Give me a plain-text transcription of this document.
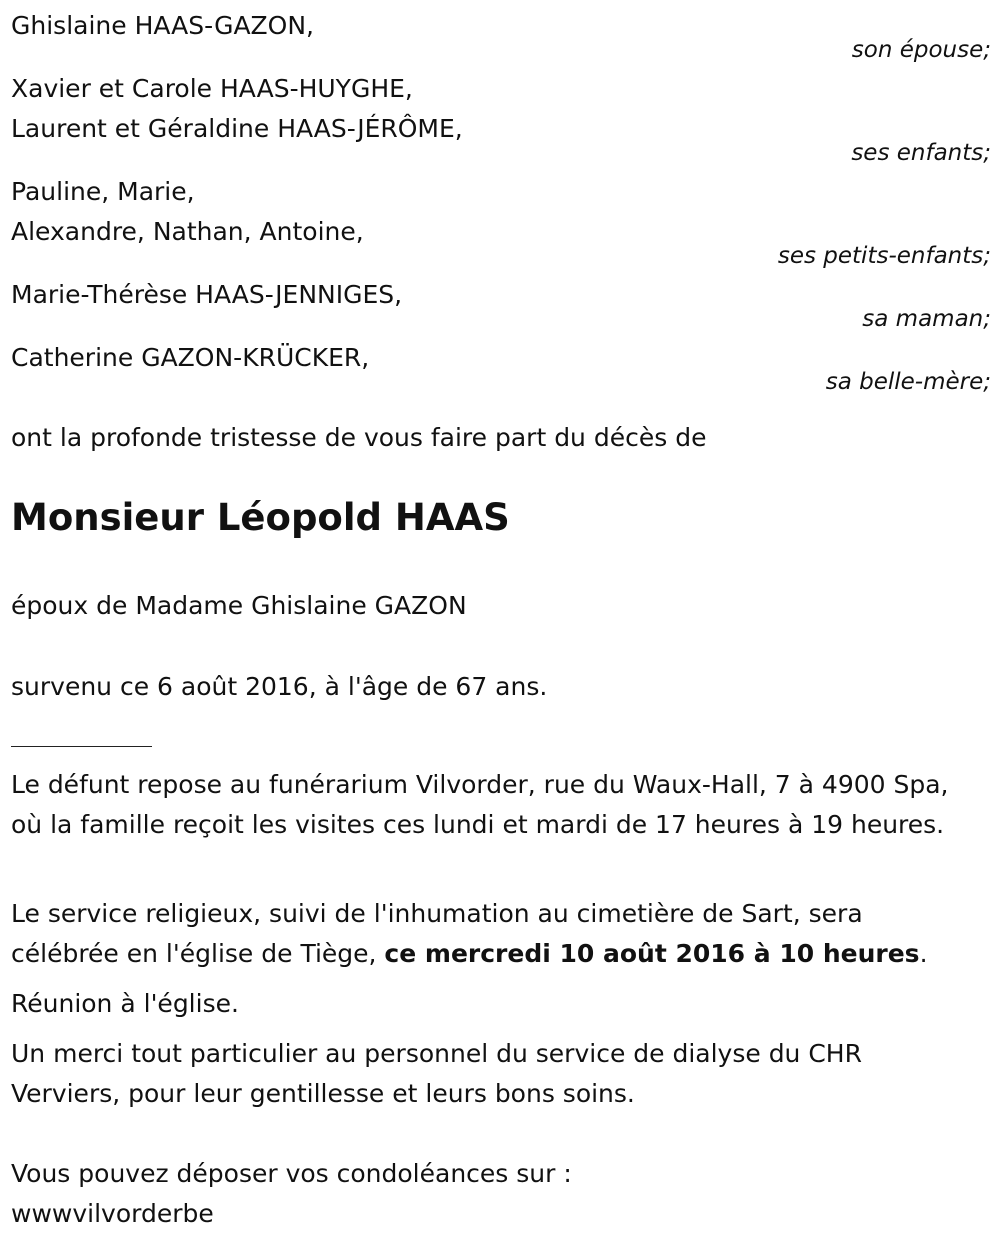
Ghislaine HAAS-GAZON,
son épouse;
Xavier et Carole HAAS-HUYGHE,
Laurent et Géraldine HAAS-JÉRÔME,
ses enfants;
Pauline, Marie,
Alexandre, Nathan, Antoine,
ses petits-enfants;
Marie-Thérèse HAAS-JENNIGES,
sa maman;
Catherine GAZON-KRÜCKER,
sa belle-mère;
ont la profonde tristesse de vous faire part du décès de
Monsieur Léopold HAAS
époux de Madame Ghislaine GAZON
survenu ce 6 août 2016, à l'âge de 67 ans.
Le défunt repose au funérarium Vilvorder, rue du Waux-Hall, 7 à 4900 Spa, où la famille reçoit les visites ces lundi et mardi de 17 heures à 19 heures.
Le service religieux, suivi de l'inhumation au cimetière de Sart, sera célébrée en l'église de Tiège, ce mercredi 10 août 2016 à 10 heures.
Réunion à l'église.
Un merci tout particulier au personnel du service de dialyse du CHR Verviers, pour leur gentillesse et leurs bons soins.
Vous pouvez déposer vos condoléances sur :
wwwvilvorderbe
